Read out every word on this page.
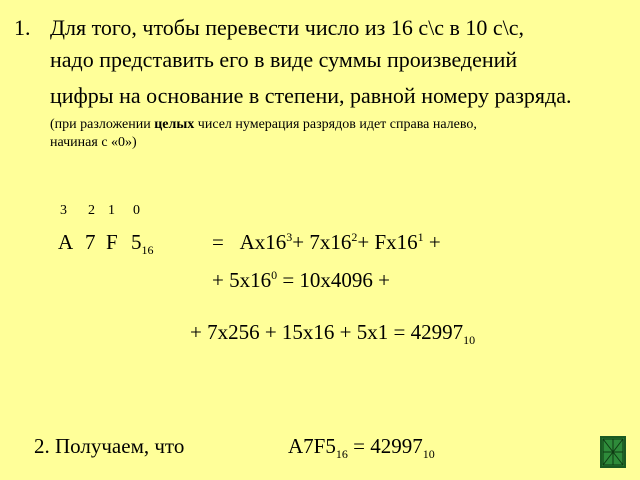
1. Для того, чтобы перевести число из 16 с\с в 10 с\с,
надо представить его в виде суммы произведений
цифры на основание в степени, равной номеру разряда.
(при разложении целых чисел нумерация разрядов идет справа налево,
начиная с «0»)
3 2 1 0
A 7 F $5_{16}$	= $Ax16^3+ 7x16^2+ Fx16^1$ +
+ $5x16^0 = 10x4096$ +
+ $7x256 + 15x16 + 5x1 = 42997_{10}$
2. Получаем, что	$A7F5_{16} = 42997_{10}$
